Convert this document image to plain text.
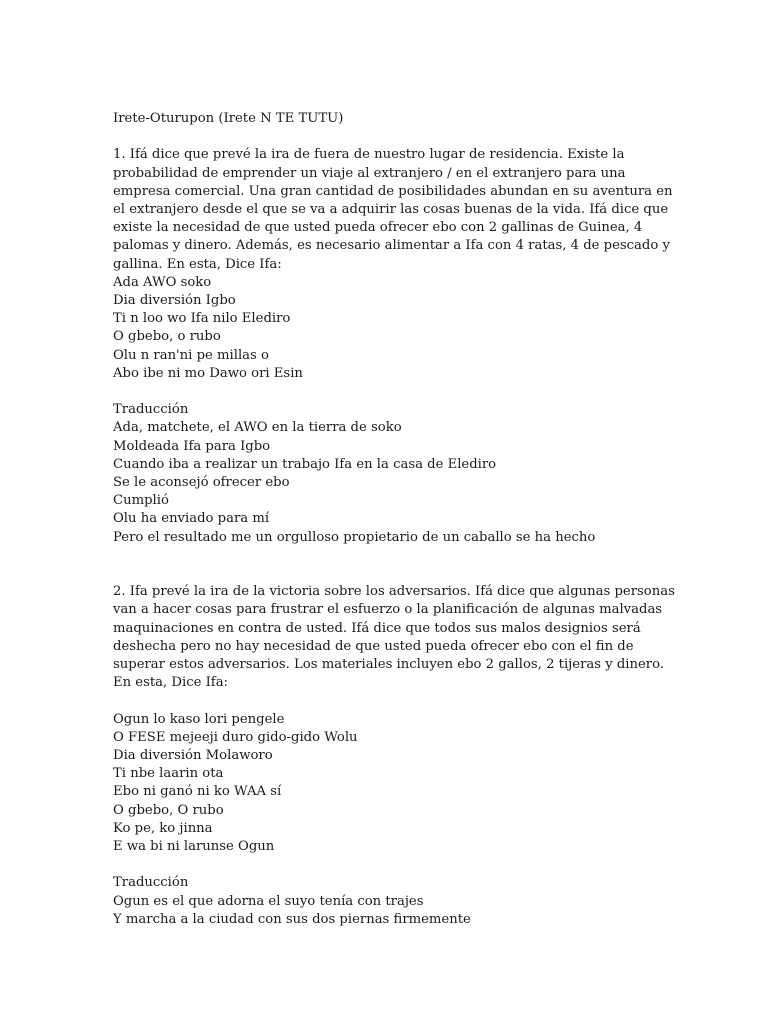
Irete-Oturupon (Irete N TE TUTU)
1. Ifá dice que prevé la ira de fuera de nuestro lugar de residencia. Existe la
probabilidad de emprender un viaje al extranjero / en el extranjero para una
empresa comercial. Una gran cantidad de posibilidades abundan en su aventura en
el extranjero desde el que se va a adquirir las cosas buenas de la vida. Ifá dice que
existe la necesidad de que usted pueda ofrecer ebo con 2 gallinas de Guinea, 4
palomas y dinero. Además, es necesario alimentar a Ifa con 4 ratas, 4 de pescado y
gallina. En esta, Dice Ifa:
Ada AWO soko
Dia diversión Igbo
Ti n loo wo Ifa nilo Eledirо
O gbebo, o rubo
Olu n ran'ni pe millas o
Abo ibe ni mo Dawo ori Esin
Traducción
Ada, matchete, el AWO en la tierra de soko
Moldeada Ifa para Igbo
Cuando iba a realizar un trabajo Ifa en la casa de Eledirо
Se le aconsejó ofrecer ebo
Cumplió
Olu ha enviado para mí
Pero el resultado me un orgulloso propietario de un caballo se ha hecho
2. Ifa prevé la ira de la victoria sobre los adversarios. Ifá dice que algunas personas
van a hacer cosas para frustrar el esfuerzo o la planificación de algunas malvadas
maquinaciones en contra de usted. Ifá dice que todos sus malos designios será
deshecha pero no hay necesidad de que usted pueda ofrecer ebo con el fin de
superar estos adversarios. Los materiales incluyen ebo 2 gallos, 2 tijeras y dinero.
En esta, Dice Ifa:
Ogun lo kaso lori pengele
O FESE mejeeji duro gido-gido Wolu
Dia diversión Molaworo
Ti nbe laarin ota
Ebo ni ganó ni ko WAA sí
O gbebo, O rubo
Ko pe, ko jinna
E wa bi ni larunse Ogun
Traducción
Ogun es el que adorna el suyo tenía con trajes
Y marcha a la ciudad con sus dos piernas firmemente
